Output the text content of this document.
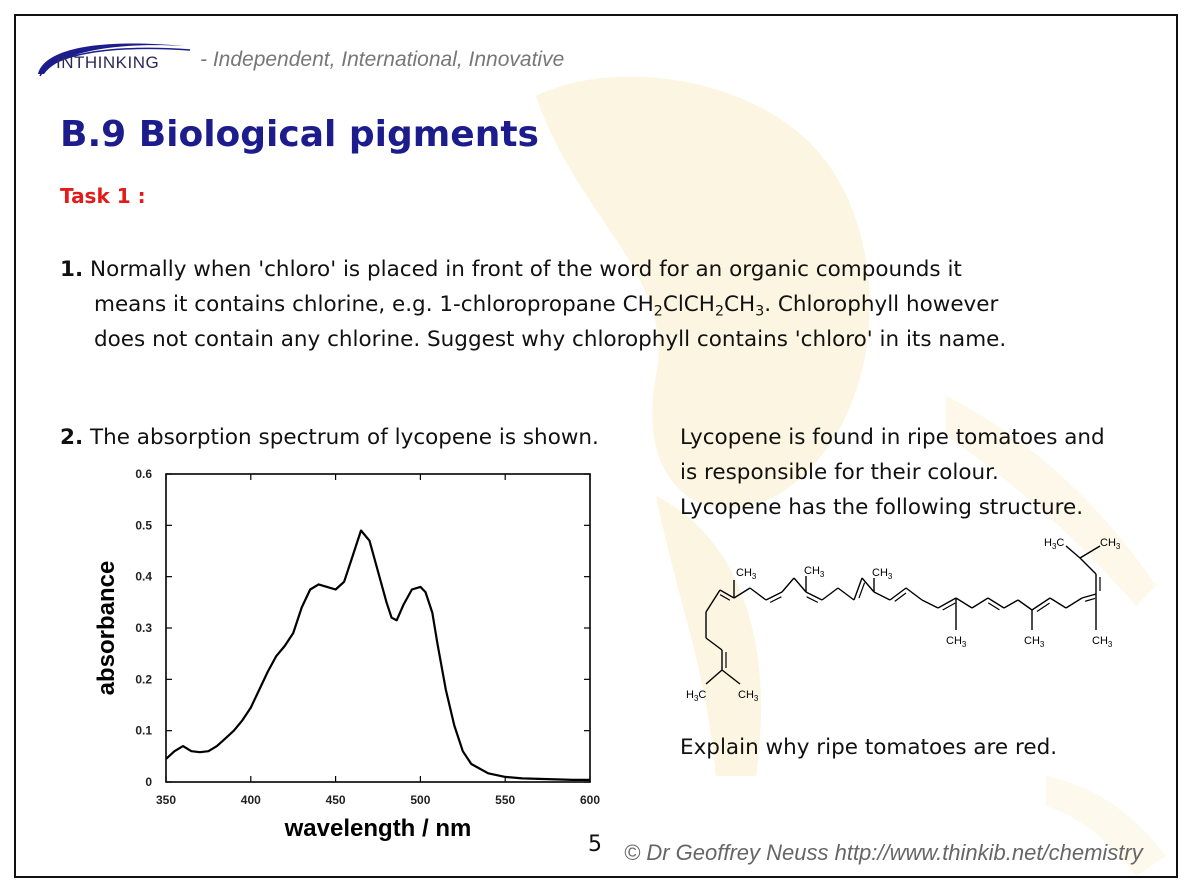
INTHINKING - Independent, International, Innovative
B.9 Biological pigments
Task 1 :
1. Normally when 'chloro' is placed in front of the word for an organic compounds it
means it contains chlorine, e.g. 1-chloropropane $CH_2ClCH_2CH_3$. Chlorophyll however
does not contain any chlorine. Suggest why chlorophyll contains 'chloro' in its name.
2. The absorption spectrum of lycopene is shown.	Lycopene is found in ripe tomatoes and
is responsible for their colour.
Lycopene has the following structure.
0
0.1
0.2
0.3
0.4
0.5
0.6
350	400	450	500	550	600
wavelength / nm
absorbance	$CH_3$	$CH_3$	$CH_3$
$CH_3$	$CH_3$	$CH_3$
$H_3C$	$CH_3$
$H_3C$	$CH_3$
Explain why ripe tomatoes are red.
5 © Dr Geoffrey Neuss http://www.thinkib.net/chemistry
